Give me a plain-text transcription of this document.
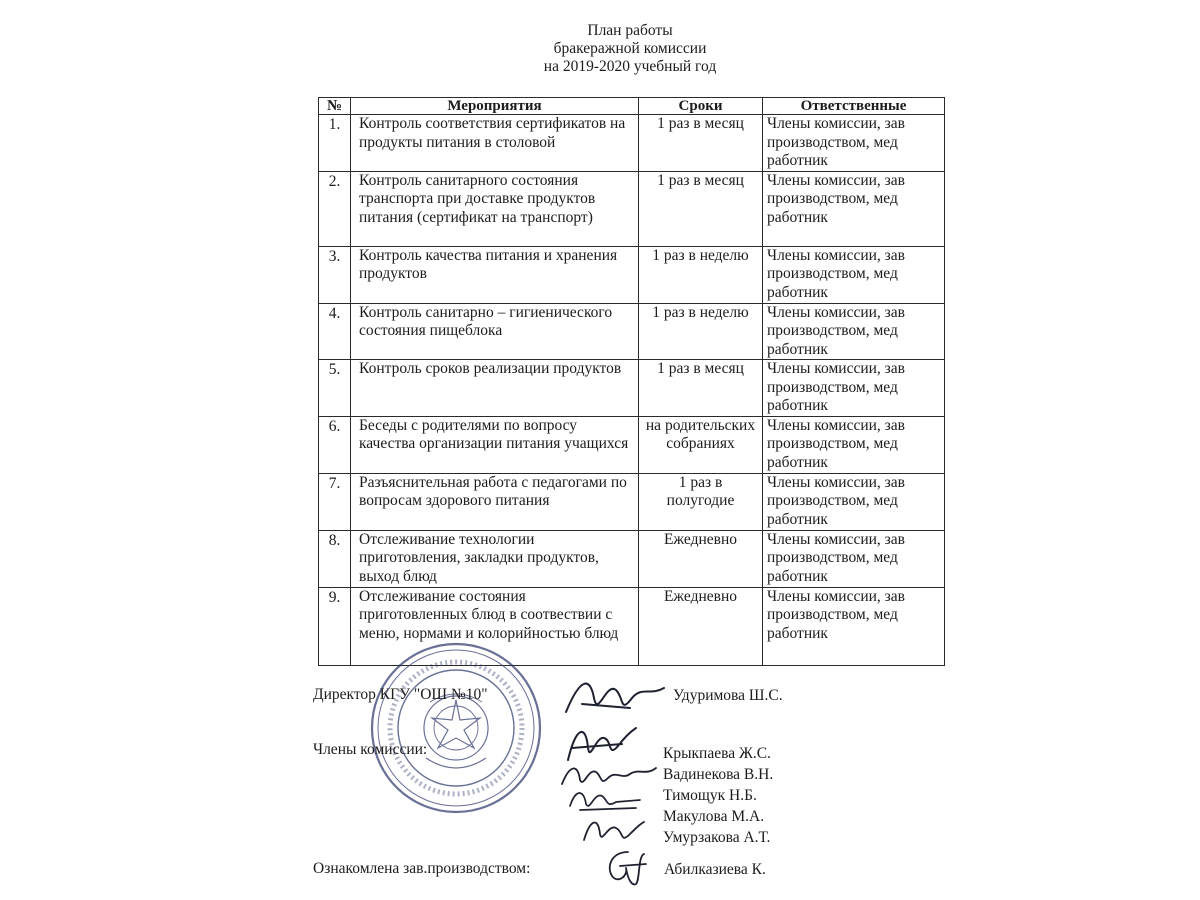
План работы
бракеражной комиссии
на 2019-2020 учебный год
№	Мероприятия	Сроки	Ответственные
1.	Контроль соответствия сертификатов на продукты питания в столовой	1 раз в месяц	Члены комиссии, зав производством, мед работник
2.	Контроль санитарного состояния транспорта при доставке продуктов питания (сертификат на транспорт)	1 раз в месяц	Члены комиссии, зав производством, мед работник
3.	Контроль качества питания и хранения продуктов	1 раз в неделю	Члены комиссии, зав производством, мед работник
4.	Контроль санитарно – гигиенического состояния пищеблока	1 раз в неделю	Члены комиссии, зав производством, мед работник
5.	Контроль сроков реализации продуктов	1 раз в месяц	Члены комиссии, зав производством, мед работник
6.	Беседы с родителями по вопросу качества организации питания учащихся	на родительских собраниях	Члены комиссии, зав производством, мед работник
7.	Разъяснительная работа с педагогами по вопросам здорового питания	1 раз в полугодие	Члены комиссии, зав производством, мед работник
8.	Отслеживание технологии приготовления, закладки продуктов, выход блюд	Ежедневно	Члены комиссии, зав производством, мед работник
9.	Отслеживание состояния приготовленных блюд в соотвествии с меню, нормами и колорийностью блюд	Ежедневно	Члены комиссии, зав производством, мед работник
Директор КГУ "ОШ №10"	Удуримова Ш.С.
Члены комиссии:	Крыкпаева Ж.С.
Вадинекова В.Н.
Тимощук Н.Б.
Макулова М.А.
Умурзакова А.Т.
Ознакомлена зав.производством:	Абилказиева К.
